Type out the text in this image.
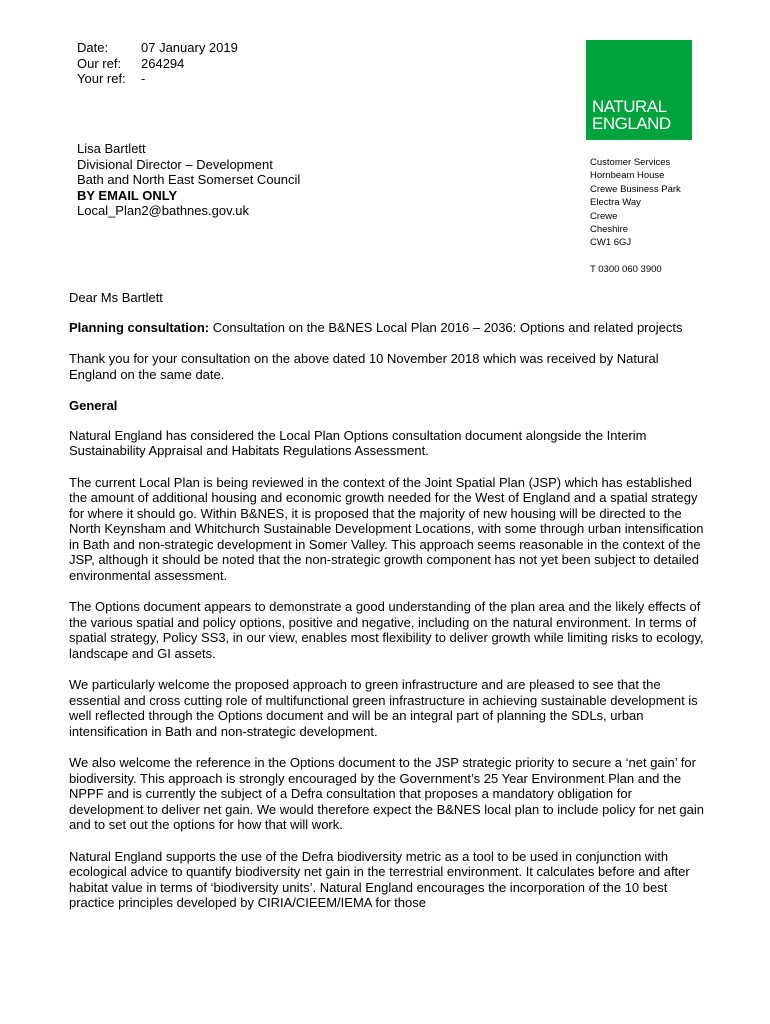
Date:	07 January 2019
Our ref:	264294
Your ref:	-
NATURAL
ENGLAND
Lisa Bartlett
Divisional Director – Development
Bath and North East Somerset Council
BY EMAIL ONLY
Local_Plan2@bathnes.gov.uk
Customer Services
Hornbeam House
Crewe Business Park
Electra Way
Crewe
Cheshire
CW1 6GJ
T 0300 060 3900

Dear Ms Bartlett

Planning consultation: Consultation on the B&NES Local Plan 2016 – 2036: Options and related projects

Thank you for your consultation on the above dated 10 November 2018 which was received by Natural England on the same date.

General

Natural England has considered the Local Plan Options consultation document alongside the Interim Sustainability Appraisal and Habitats Regulations Assessment.

The current Local Plan is being reviewed in the context of the Joint Spatial Plan (JSP) which has established the amount of additional housing and economic growth needed for the West of England and a spatial strategy for where it should go. Within B&NES, it is proposed that the majority of new housing will be directed to the North Keynsham and Whitchurch Sustainable Development Locations, with some through urban intensification in Bath and non-strategic development in Somer Valley. This approach seems reasonable in the context of the JSP, although it should be noted that the non-strategic growth component has not yet been subject to detailed environmental assessment.

The Options document appears to demonstrate a good understanding of the plan area and the likely effects of the various spatial and policy options, positive and negative, including on the natural environment. In terms of spatial strategy, Policy SS3, in our view, enables most flexibility to deliver growth while limiting risks to ecology, landscape and GI assets.

We particularly welcome the proposed approach to green infrastructure and are pleased to see that the essential and cross cutting role of multifunctional green infrastructure in achieving sustainable development is well reflected through the Options document and will be an integral part of planning the SDLs, urban intensification in Bath and non-strategic development.

We also welcome the reference in the Options document to the JSP strategic priority to secure a ‘net gain’ for biodiversity. This approach is strongly encouraged by the Government’s 25 Year Environment Plan and the NPPF and is currently the subject of a Defra consultation that proposes a mandatory obligation for development to deliver net gain. We would therefore expect the B&NES local plan to include policy for net gain and to set out the options for how that will work.

Natural England supports the use of the Defra biodiversity metric as a tool to be used in conjunction with ecological advice to quantify biodiversity net gain in the terrestrial environment. It calculates before and after habitat value in terms of ‘biodiversity units’. Natural England encourages the incorporation of the 10 best practice principles developed by CIRIA/CIEEM/IEMA for those
